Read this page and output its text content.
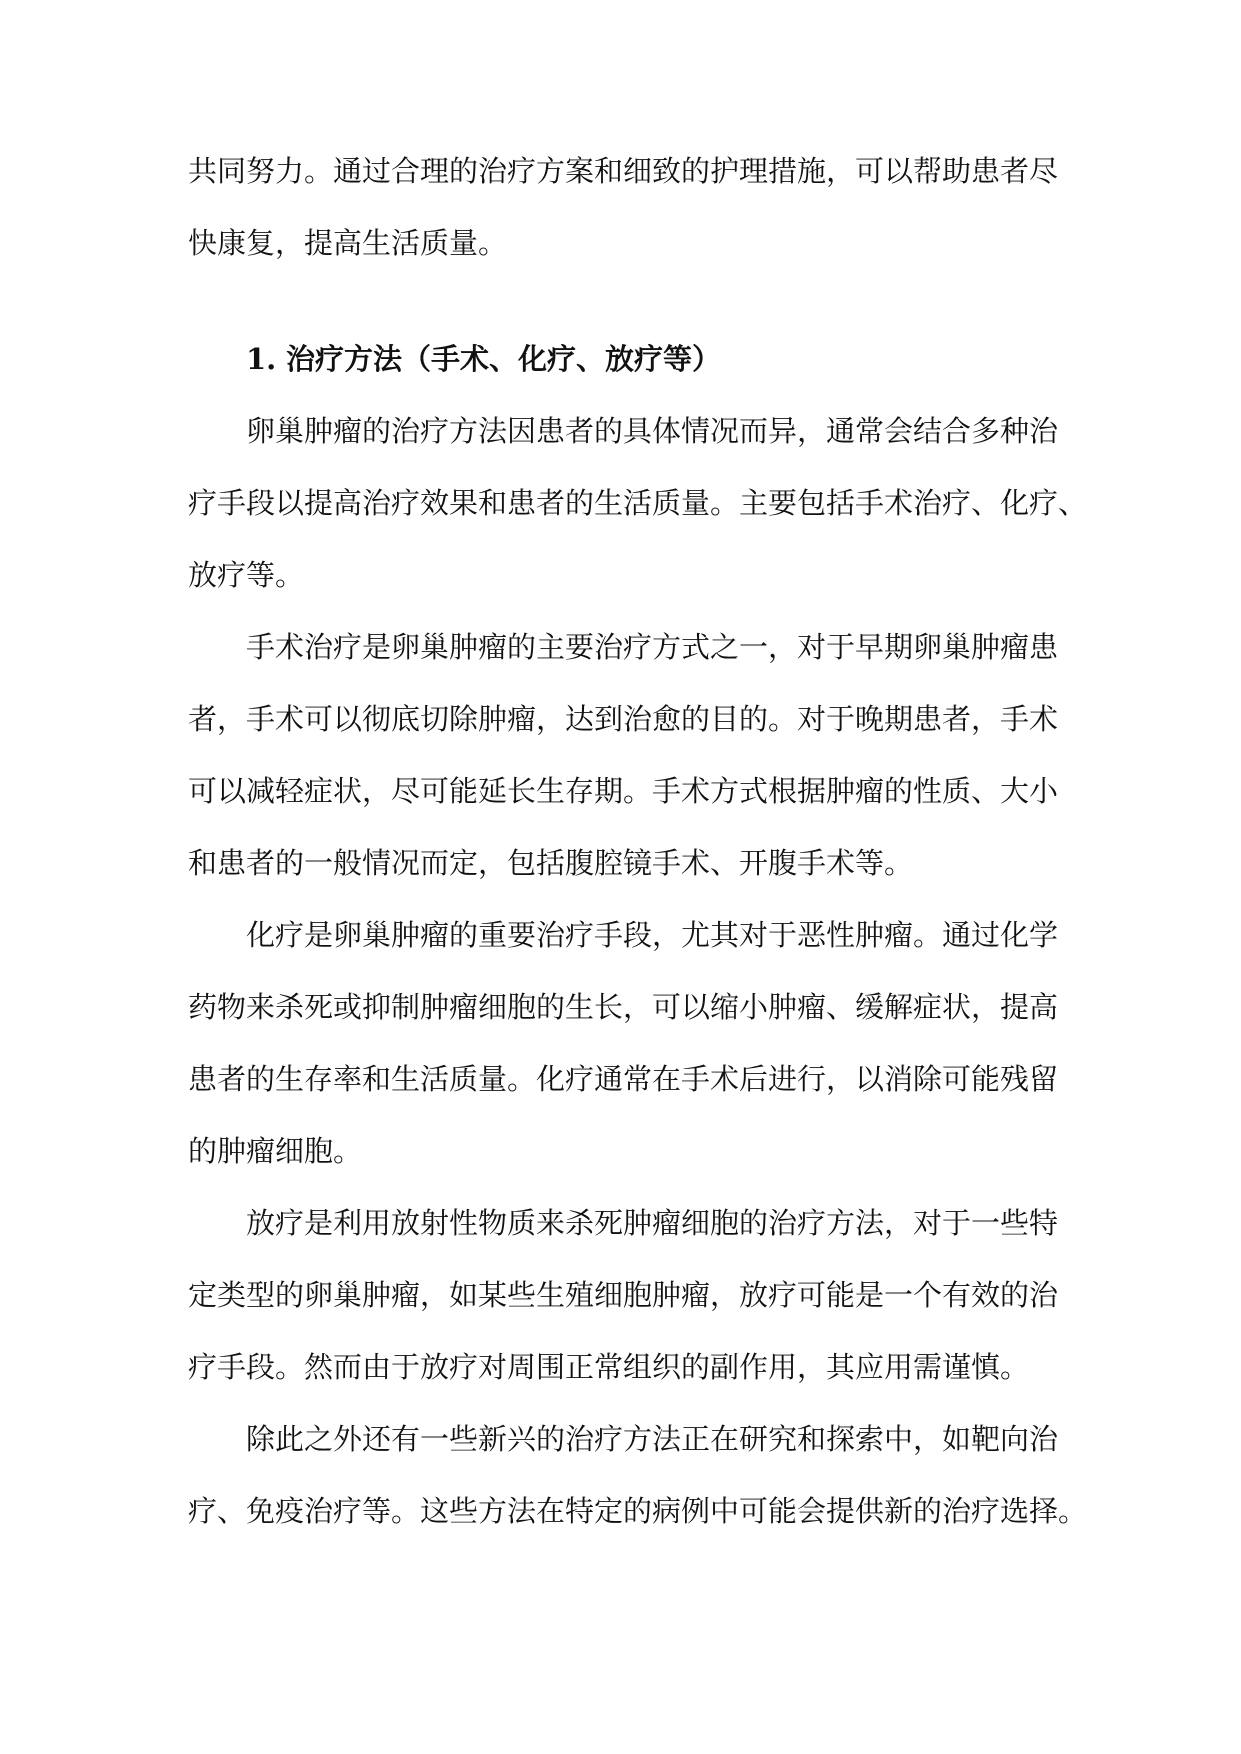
共同努力。通过合理的治疗方案和细致的护理措施，可以帮助患者尽
快康复，提高生活质量。
1. 治疗方法（手术、化疗、放疗等）
卵巢肿瘤的治疗方法因患者的具体情况而异，通常会结合多种治
疗手段以提高治疗效果和患者的生活质量。主要包括手术治疗、化疗、
放疗等。
手术治疗是卵巢肿瘤的主要治疗方式之一，对于早期卵巢肿瘤患
者，手术可以彻底切除肿瘤，达到治愈的目的。对于晚期患者，手术
可以减轻症状，尽可能延长生存期。手术方式根据肿瘤的性质、大小
和患者的一般情况而定，包括腹腔镜手术、开腹手术等。
化疗是卵巢肿瘤的重要治疗手段，尤其对于恶性肿瘤。通过化学
药物来杀死或抑制肿瘤细胞的生长，可以缩小肿瘤、缓解症状，提高
患者的生存率和生活质量。化疗通常在手术后进行，以消除可能残留
的肿瘤细胞。
放疗是利用放射性物质来杀死肿瘤细胞的治疗方法，对于一些特
定类型的卵巢肿瘤，如某些生殖细胞肿瘤，放疗可能是一个有效的治
疗手段。然而由于放疗对周围正常组织的副作用，其应用需谨慎。
除此之外还有一些新兴的治疗方法正在研究和探索中，如靶向治
疗、免疫治疗等。这些方法在特定的病例中可能会提供新的治疗选择。
